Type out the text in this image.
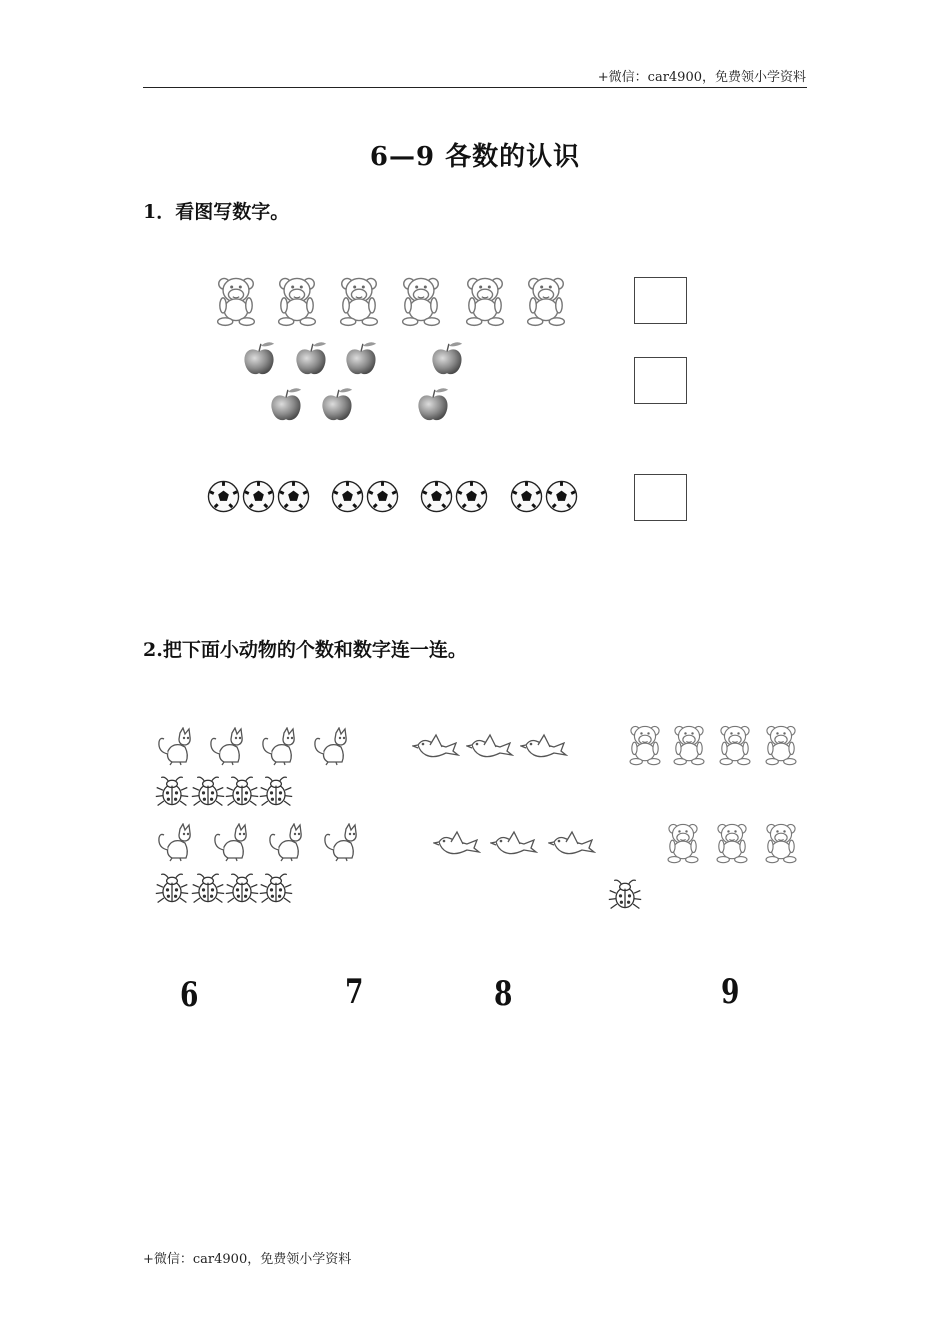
+微信：car4900，免费领小学资料
6—9 各数的认识
1．看图写数字。
2.把下面小动物的个数和数字连一连。
6	7	8	9
+微信：car4900，免费领小学资料
